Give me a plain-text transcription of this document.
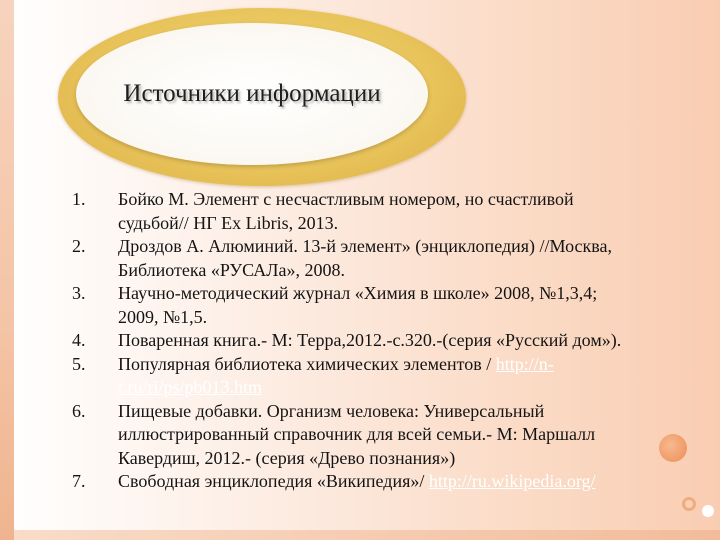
Источники информации
1. Бойко М. Элемент с несчастливым номером, но счастливой
судьбой// НГ Ex Libris, 2013.
2. Дроздов А. Алюминий. 13-й элемент» (энциклопедия) //Москва,
Библиотека «РУСАЛа», 2008.
3. Научно-методический журнал «Химия в школе» 2008, №1,3,4;
2009, №1,5.
4. Поваренная книга.- М: Терра,2012.-с.320.-(серия «Русский дом»).
5. Популярная библиотека химических элементов / http://n-
t.ru/ri/ps/pb013.htm
6. Пищевые добавки. Организм человека: Универсальный
иллюстрированный справочник для всей семьи.- М: Маршалл
Кавердиш, 2012.- (серия «Древо познания»)
7. Свободная энциклопедия «Википедия»/ http://ru.wikipedia.org/
